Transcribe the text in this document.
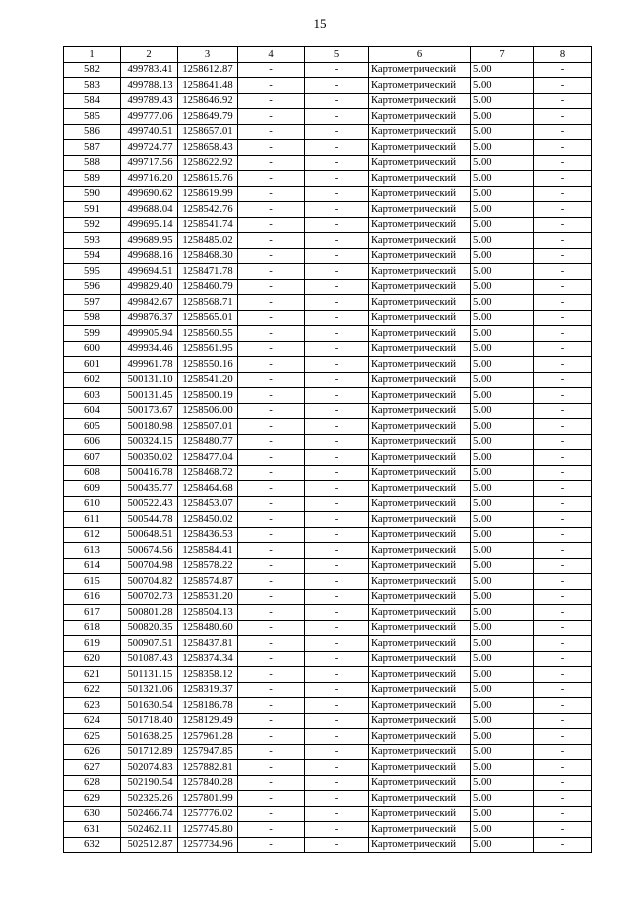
15
1	2	3	4	5	6	7	8
582	499783.41	1258612.87	-	-	Картометрический	5.00	-
583	499788.13	1258641.48	-	-	Картометрический	5.00	-
584	499789.43	1258646.92	-	-	Картометрический	5.00	-
585	499777.06	1258649.79	-	-	Картометрический	5.00	-
586	499740.51	1258657.01	-	-	Картометрический	5.00	-
587	499724.77	1258658.43	-	-	Картометрический	5.00	-
588	499717.56	1258622.92	-	-	Картометрический	5.00	-
589	499716.20	1258615.76	-	-	Картометрический	5.00	-
590	499690.62	1258619.99	-	-	Картометрический	5.00	-
591	499688.04	1258542.76	-	-	Картометрический	5.00	-
592	499695.14	1258541.74	-	-	Картометрический	5.00	-
593	499689.95	1258485.02	-	-	Картометрический	5.00	-
594	499688.16	1258468.30	-	-	Картометрический	5.00	-
595	499694.51	1258471.78	-	-	Картометрический	5.00	-
596	499829.40	1258460.79	-	-	Картометрический	5.00	-
597	499842.67	1258568.71	-	-	Картометрический	5.00	-
598	499876.37	1258565.01	-	-	Картометрический	5.00	-
599	499905.94	1258560.55	-	-	Картометрический	5.00	-
600	499934.46	1258561.95	-	-	Картометрический	5.00	-
601	499961.78	1258550.16	-	-	Картометрический	5.00	-
602	500131.10	1258541.20	-	-	Картометрический	5.00	-
603	500131.45	1258500.19	-	-	Картометрический	5.00	-
604	500173.67	1258506.00	-	-	Картометрический	5.00	-
605	500180.98	1258507.01	-	-	Картометрический	5.00	-
606	500324.15	1258480.77	-	-	Картометрический	5.00	-
607	500350.02	1258477.04	-	-	Картометрический	5.00	-
608	500416.78	1258468.72	-	-	Картометрический	5.00	-
609	500435.77	1258464.68	-	-	Картометрический	5.00	-
610	500522.43	1258453.07	-	-	Картометрический	5.00	-
611	500544.78	1258450.02	-	-	Картометрический	5.00	-
612	500648.51	1258436.53	-	-	Картометрический	5.00	-
613	500674.56	1258584.41	-	-	Картометрический	5.00	-
614	500704.98	1258578.22	-	-	Картометрический	5.00	-
615	500704.82	1258574.87	-	-	Картометрический	5.00	-
616	500702.73	1258531.20	-	-	Картометрический	5.00	-
617	500801.28	1258504.13	-	-	Картометрический	5.00	-
618	500820.35	1258480.60	-	-	Картометрический	5.00	-
619	500907.51	1258437.81	-	-	Картометрический	5.00	-
620	501087.43	1258374.34	-	-	Картометрический	5.00	-
621	501131.15	1258358.12	-	-	Картометрический	5.00	-
622	501321.06	1258319.37	-	-	Картометрический	5.00	-
623	501630.54	1258186.78	-	-	Картометрический	5.00	-
624	501718.40	1258129.49	-	-	Картометрический	5.00	-
625	501638.25	1257961.28	-	-	Картометрический	5.00	-
626	501712.89	1257947.85	-	-	Картометрический	5.00	-
627	502074.83	1257882.81	-	-	Картометрический	5.00	-
628	502190.54	1257840.28	-	-	Картометрический	5.00	-
629	502325.26	1257801.99	-	-	Картометрический	5.00	-
630	502466.74	1257776.02	-	-	Картометрический	5.00	-
631	502462.11	1257745.80	-	-	Картометрический	5.00	-
632	502512.87	1257734.96	-	-	Картометрический	5.00	-
